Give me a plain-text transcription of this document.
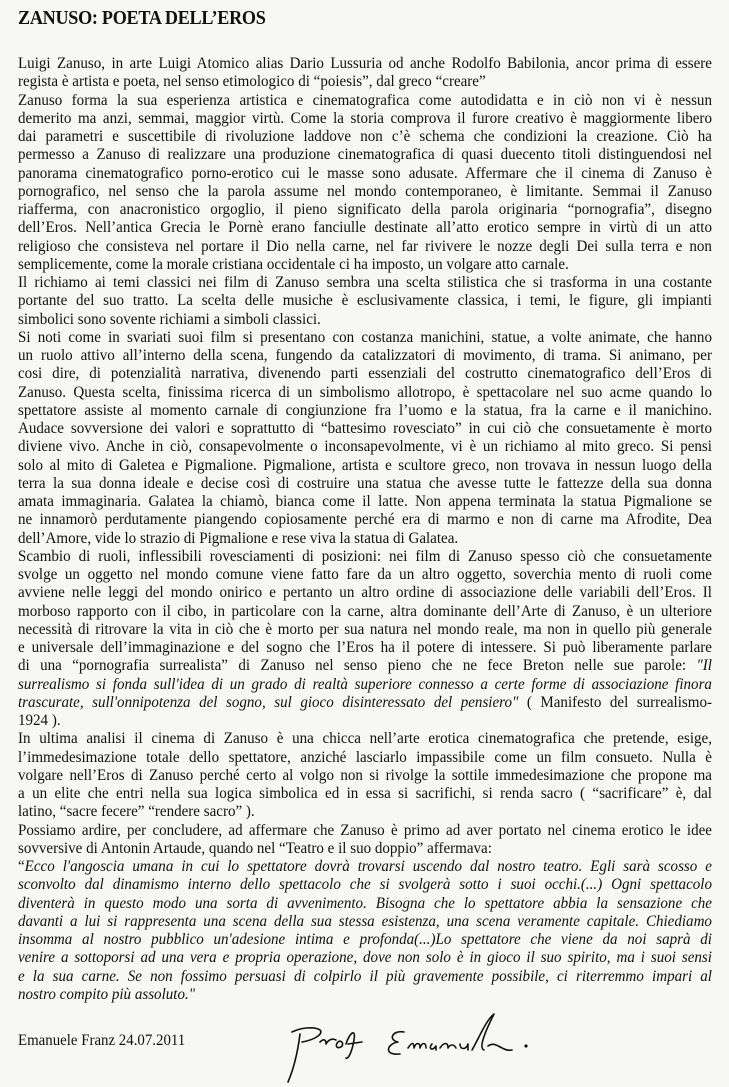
ZANUSO: POETA DELL’EROS
Luigi Zanuso, in arte Luigi Atomico alias Dario Lussuria od anche Rodolfo Babilonia, ancor prima di essere
regista è artista e poeta, nel senso etimologico di “poiesis”, dal greco “creare”
Zanuso forma la sua esperienza artistica e cinematografica come autodidatta e in ciò non vi è nessun
demerito ma anzi, semmai, maggior virtù. Come la storia comprova il furore creativo è maggiormente libero
dai parametri e suscettibile di rivoluzione laddove non c’è schema che condizioni la creazione. Ciò ha
permesso a Zanuso di realizzare una produzione cinematografica di quasi duecento titoli distinguendosi nel
panorama cinematografico porno-erotico cui le masse sono adusate. Affermare che il cinema di Zanuso è
pornografico, nel senso che la parola assume nel mondo contemporaneo, è limitante. Semmai il Zanuso
riafferma, con anacronistico orgoglio, il pieno significato della parola originaria “pornografia”, disegno
dell’Eros. Nell’antica Grecia le Pornè erano fanciulle destinate all’atto erotico sempre in virtù di un atto
religioso che consisteva nel portare il Dio nella carne, nel far rivivere le nozze degli Dei sulla terra e non
semplicemente, come la morale cristiana occidentale ci ha imposto, un volgare atto carnale.
Il richiamo ai temi classici nei film di Zanuso sembra una scelta stilistica che si trasforma in una costante
portante del suo tratto. La scelta delle musiche è esclusivamente classica, i temi, le figure, gli impianti
simbolici sono sovente richiami a simboli classici.
Si noti come in svariati suoi film si presentano con costanza manichini, statue, a volte animate, che hanno
un ruolo attivo all’interno della scena, fungendo da catalizzatori di movimento, di trama. Si animano, per
cosi dire, di potenzialità narrativa, divenendo parti essenziali del costrutto cinematografico dell’Eros di
Zanuso. Questa scelta, finissima ricerca di un simbolismo allotropo, è spettacolare nel suo acme quando lo
spettatore assiste al momento carnale di congiunzione fra l’uomo e la statua, fra la carne e il manichino.
Audace sovversione dei valori e soprattutto di “battesimo rovesciato” in cui ciò che consuetamente è morto
diviene vivo. Anche in ciò, consapevolmente o inconsapevolmente, vi è un richiamo al mito greco. Si pensi
solo al mito di Galetea e Pigmalione. Pigmalione, artista e scultore greco, non trovava in nessun luogo della
terra la sua donna ideale e decise così di costruire una statua che avesse tutte le fattezze della sua donna
amata immaginaria. Galatea la chiamò, bianca come il latte. Non appena terminata la statua Pigmalione se
ne innamorò perdutamente piangendo copiosamente perché era di marmo e non di carne ma Afrodite, Dea
dell’Amore, vide lo strazio di Pigmalione e rese viva la statua di Galatea.
Scambio di ruoli, inflessibili rovesciamenti di posizioni: nei film di Zanuso spesso ciò che consuetamente
svolge un oggetto nel mondo comune viene fatto fare da un altro oggetto, soverchia mento di ruoli come
avviene nelle leggi del mondo onirico e pertanto un altro ordine di associazione delle variabili dell’Eros. Il
morboso rapporto con il cibo, in particolare con la carne, altra dominante dell’Arte di Zanuso, è un ulteriore
necessità di ritrovare la vita in ciò che è morto per sua natura nel mondo reale, ma non in quello più generale
e universale dell’immaginazione e del sogno che l’Eros ha il potere di intessere. Si può liberamente parlare
di una “pornografia surrealista” di Zanuso nel senso pieno che ne fece Breton nelle sue parole: "Il
surrealismo si fonda sull'idea di un grado di realtà superiore connesso a certe forme di associazione finora
trascurate, sull'onnipotenza del sogno, sul gioco disinteressato del pensiero" ( Manifesto del surrealismo-
1924 ).
In ultima analisi il cinema di Zanuso è una chicca nell’arte erotica cinematografica che pretende, esige,
l’immedesimazione totale dello spettatore, anziché lasciarlo impassibile come un film consueto. Nulla è
volgare nell’Eros di Zanuso perché certo al volgo non si rivolge la sottile immedesimazione che propone ma
a un elite che entri nella sua logica simbolica ed in essa si sacrifichi, si renda sacro ( “sacrificare” è, dal
latino, “sacre fecere” “rendere sacro” ).
Possiamo ardire, per concludere, ad affermare che Zanuso è primo ad aver portato nel cinema erotico le idee
sovversive di Antonin Artaude, quando nel “Teatro e il suo doppio” affermava:
“Ecco l'angoscia umana in cui lo spettatore dovrà trovarsi uscendo dal nostro teatro. Egli sarà scosso e
sconvolto dal dinamismo interno dello spettacolo che si svolgerà sotto i suoi occhi.(...) Ogni spettacolo
diventerà in questo modo una sorta di avvenimento. Bisogna che lo spettatore abbia la sensazione che
davanti a lui si rappresenta una scena della sua stessa esistenza, una scena veramente capitale. Chiediamo
insomma al nostro pubblico un'adesione intima e profonda(...)Lo spettatore che viene da noi saprà di
venire a sottoporsi ad una vera e propria operazione, dove non solo è in gioco il suo spirito, ma i suoi sensi
e la sua carne. Se non fossimo persuasi di colpirlo il più gravemente possibile, ci riterremmo impari al
nostro compito più assoluto."
Emanuele Franz 24.07.2011
